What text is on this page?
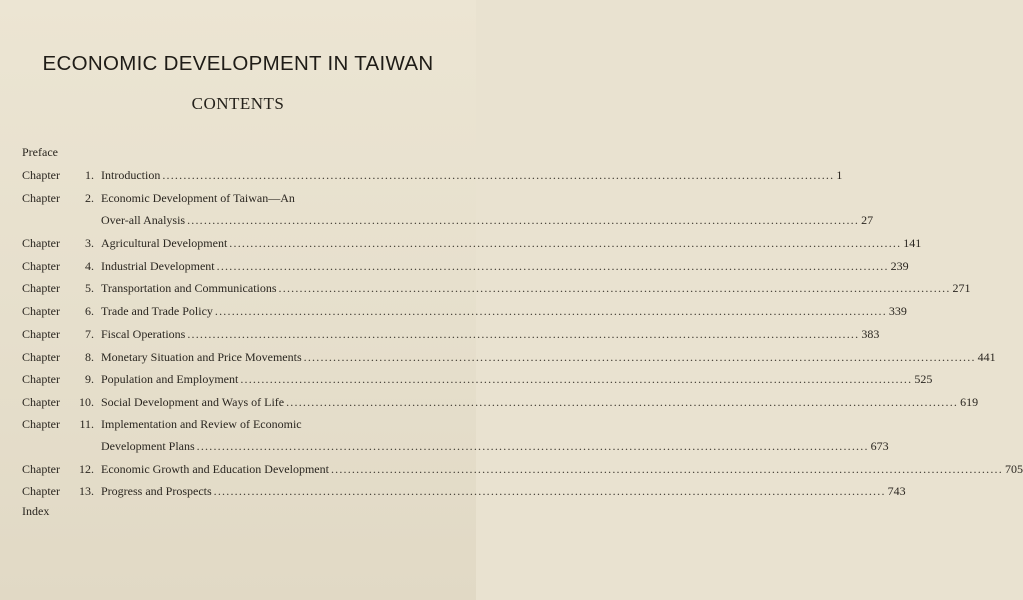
ECONOMIC DEVELOPMENT IN TAIWAN
CONTENTS
Preface
Chapter	1. Introduction ................................................................................................................................................................ 1
Chapter	2. Economic Development of Taiwan—An
Over-all Analysis ................................................................................................................................................................ 27
Chapter	3. Agricultural Development ................................................................................................................................................................ 141
Chapter	4. Industrial Development ................................................................................................................................................................ 239
Chapter	5. Transportation and Communications ................................................................................................................................................................ 271
Chapter	6. Trade and Trade Policy ................................................................................................................................................................ 339
Chapter	7. Fiscal Operations ................................................................................................................................................................ 383
Chapter	8. Monetary Situation and Price Movements ................................................................................................................................................................ 441
Chapter	9. Population and Employment ................................................................................................................................................................ 525
Chapter	10. Social Development and Ways of Life ................................................................................................................................................................ 619
Chapter	11. Implementation and Review of Economic
Development Plans ................................................................................................................................................................ 673
Chapter	12. Economic Growth and Education Development ................................................................................................................................................................ 705
Chapter	13. Progress and Prospects ................................................................................................................................................................ 743
Index
